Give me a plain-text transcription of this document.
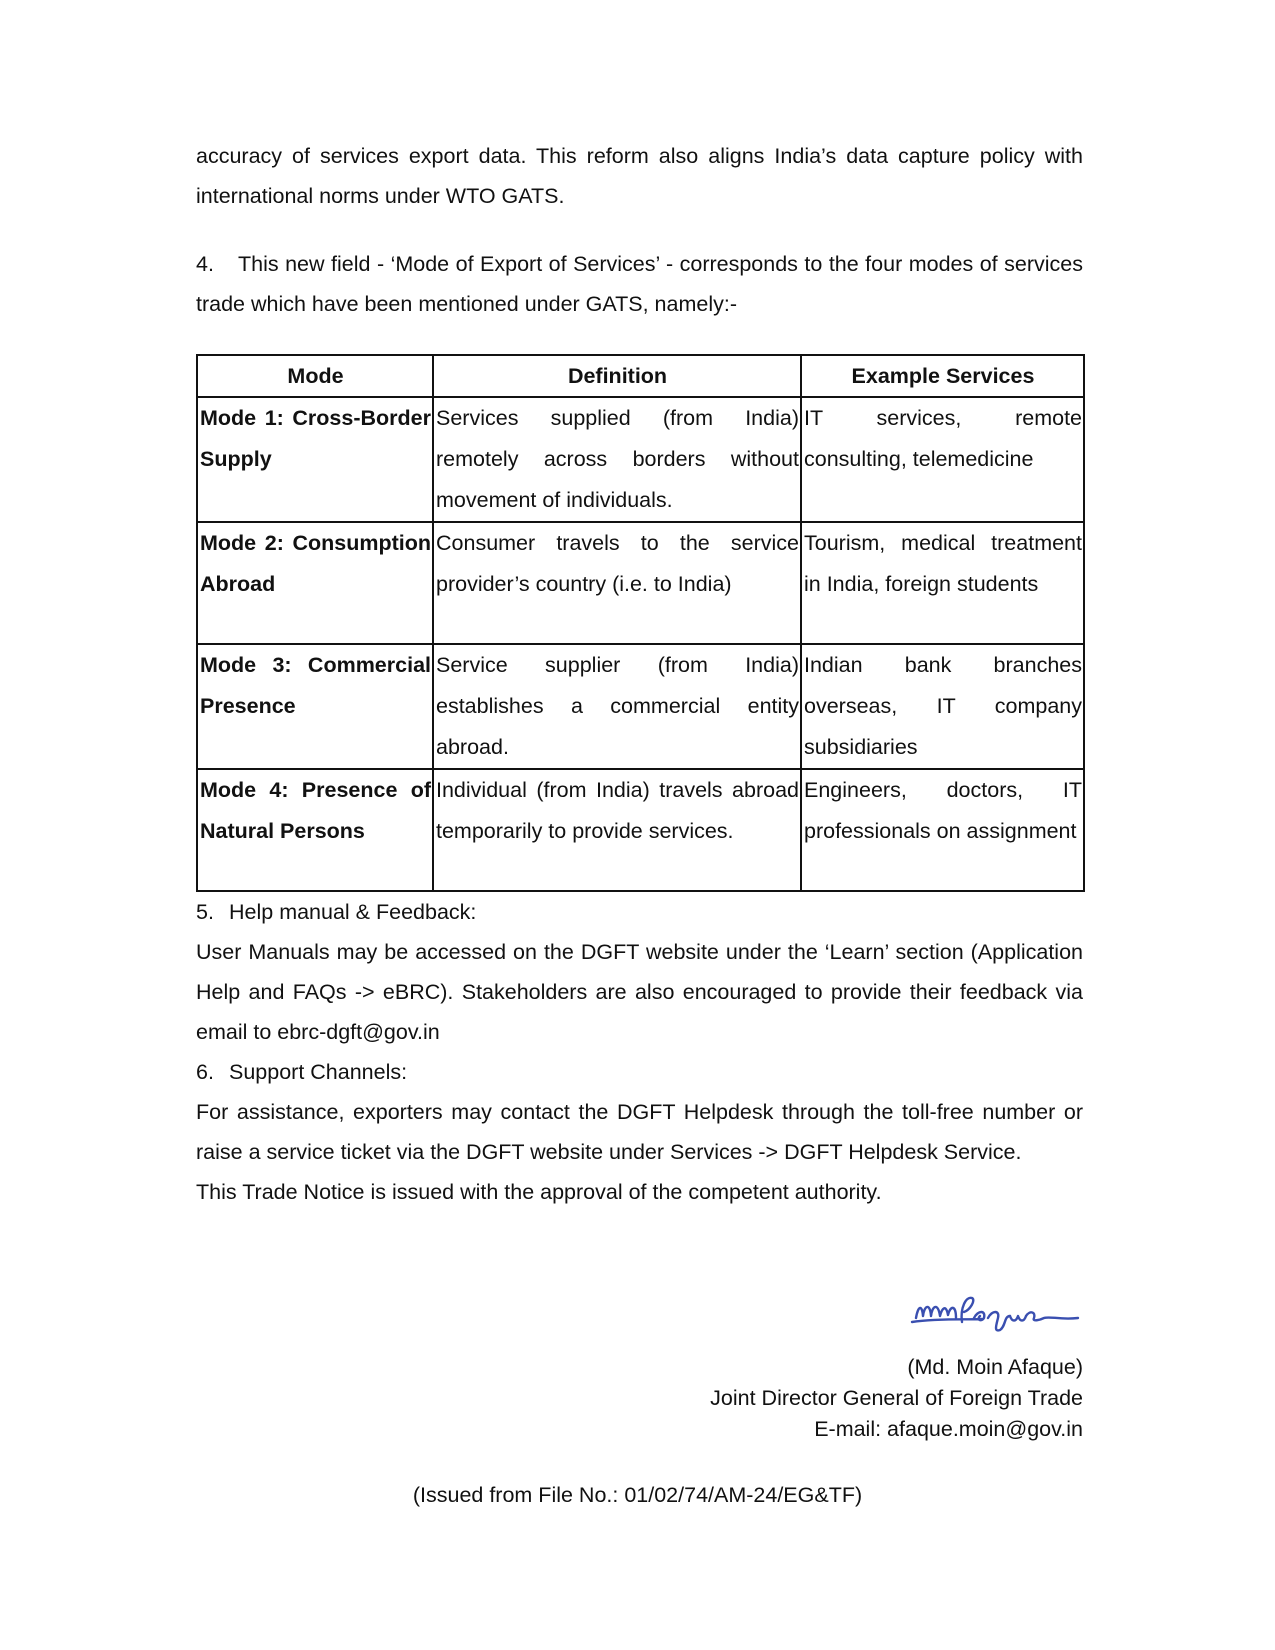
accuracy of services export data. This reform also aligns India’s data capture policy with international norms under WTO GATS.

4. This new field - ‘Mode of Export of Services’ - corresponds to the four modes of services trade which have been mentioned under GATS, namely:-

Mode	Definition	Example Services
Mode 1: Cross-Border Supply	Services supplied (from India) remotely across borders without movement of individuals.	IT services, remote consulting, telemedicine
Mode 2: Consumption Abroad	Consumer travels to the service provider’s country (i.e. to India)	Tourism, medical treatment in India, foreign students
Mode 3: Commercial Presence	Service supplier (from India) establishes a commercial entity abroad.	Indian bank branches overseas, IT company subsidiaries
Mode 4: Presence of Natural Persons	Individual (from India) travels abroad temporarily to provide services.	Engineers, doctors, IT professionals on assignment

5. Help manual & Feedback:

User Manuals may be accessed on the DGFT website under the ‘Learn’ section (Application Help and FAQs -> eBRC). Stakeholders are also encouraged to provide their feedback via email to ebrc-dgft@gov.in

6. Support Channels:

For assistance, exporters may contact the DGFT Helpdesk through the toll-free number or raise a service ticket via the DGFT website under Services -> DGFT Helpdesk Service.

This Trade Notice is issued with the approval of the competent authority.

(Md. Moin Afaque)

Joint Director General of Foreign Trade

E-mail: afaque.moin@gov.in

(Issued from File No.: 01/02/74/AM-24/EG&TF)
